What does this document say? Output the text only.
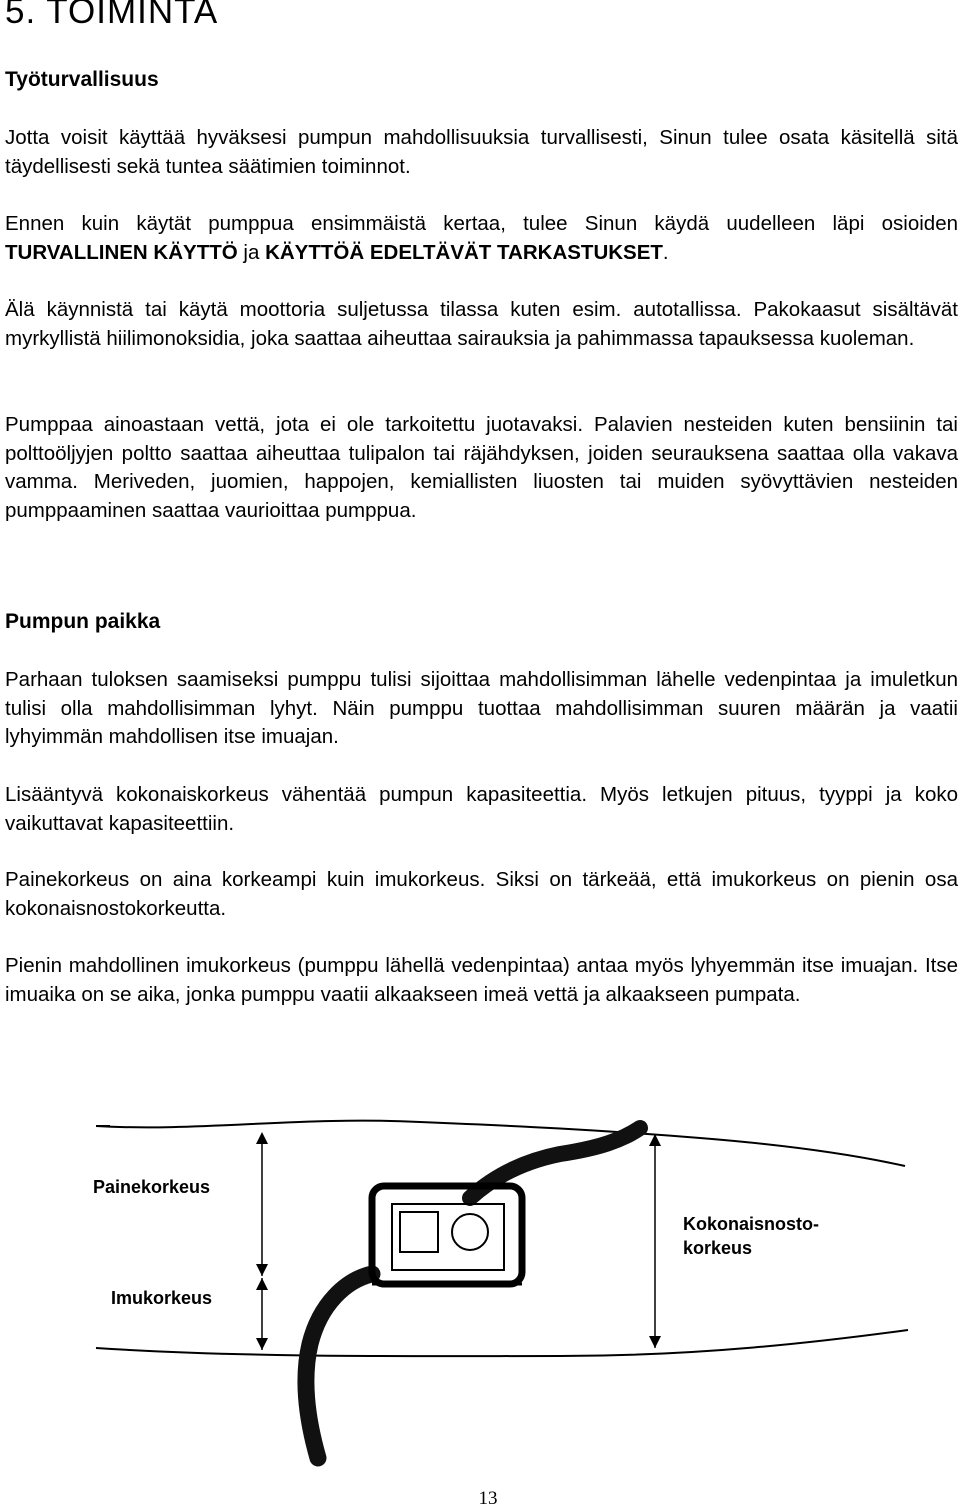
5. TOIMINTA
Työturvallisuus

Jotta voisit käyttää hyväksesi pumpun mahdollisuuksia turvallisesti, Sinun tulee osata käsitellä sitä täydellisesti sekä tuntea säätimien toiminnot.

Ennen kuin käytät pumppua ensimmäistä kertaa, tulee Sinun käydä uudelleen läpi osioiden TURVALLINEN KÄYTTÖ ja KÄYTTÖÄ EDELTÄVÄT TARKASTUKSET.

Älä käynnistä tai käytä moottoria suljetussa tilassa kuten esim. autotallissa. Pakokaasut sisältävät myrkyllistä hiilimonoksidia, joka saattaa aiheuttaa sairauksia ja pahimmassa tapauksessa kuoleman.

Pumppaa ainoastaan vettä, jota ei ole tarkoitettu juotavaksi. Palavien nesteiden kuten bensiinin tai polttoöljyjen poltto saattaa aiheuttaa tulipalon tai räjähdyksen, joiden seurauksena saattaa olla vakava vamma. Meriveden, juomien, happojen, kemiallisten liuosten tai muiden syövyttävien nesteiden pumppaaminen saattaa vaurioittaa pumppua.

Pumpun paikka

Parhaan tuloksen saamiseksi pumppu tulisi sijoittaa mahdollisimman lähelle vedenpintaa ja imuletkun tulisi olla mahdollisimman lyhyt. Näin pumppu tuottaa mahdollisimman suuren määrän ja vaatii lyhyimmän mahdollisen itse imuajan.

Lisääntyvä kokonaiskorkeus vähentää pumpun kapasiteettia. Myös letkujen pituus, tyyppi ja koko vaikuttavat kapasiteettiin.

Painekorkeus on aina korkeampi kuin imukorkeus. Siksi on tärkeää, että imukorkeus on pienin osa kokonaisnostokorkeutta.

Pienin mahdollinen imukorkeus (pumppu lähellä vedenpintaa) antaa myös lyhyemmän itse imuajan. Itse imuaika on se aika, jonka pumppu vaatii alkaakseen imeä vettä ja alkaakseen pumpata.

Painekorkeus
Imukorkeus
Kokonaisnosto-
korkeus
13
